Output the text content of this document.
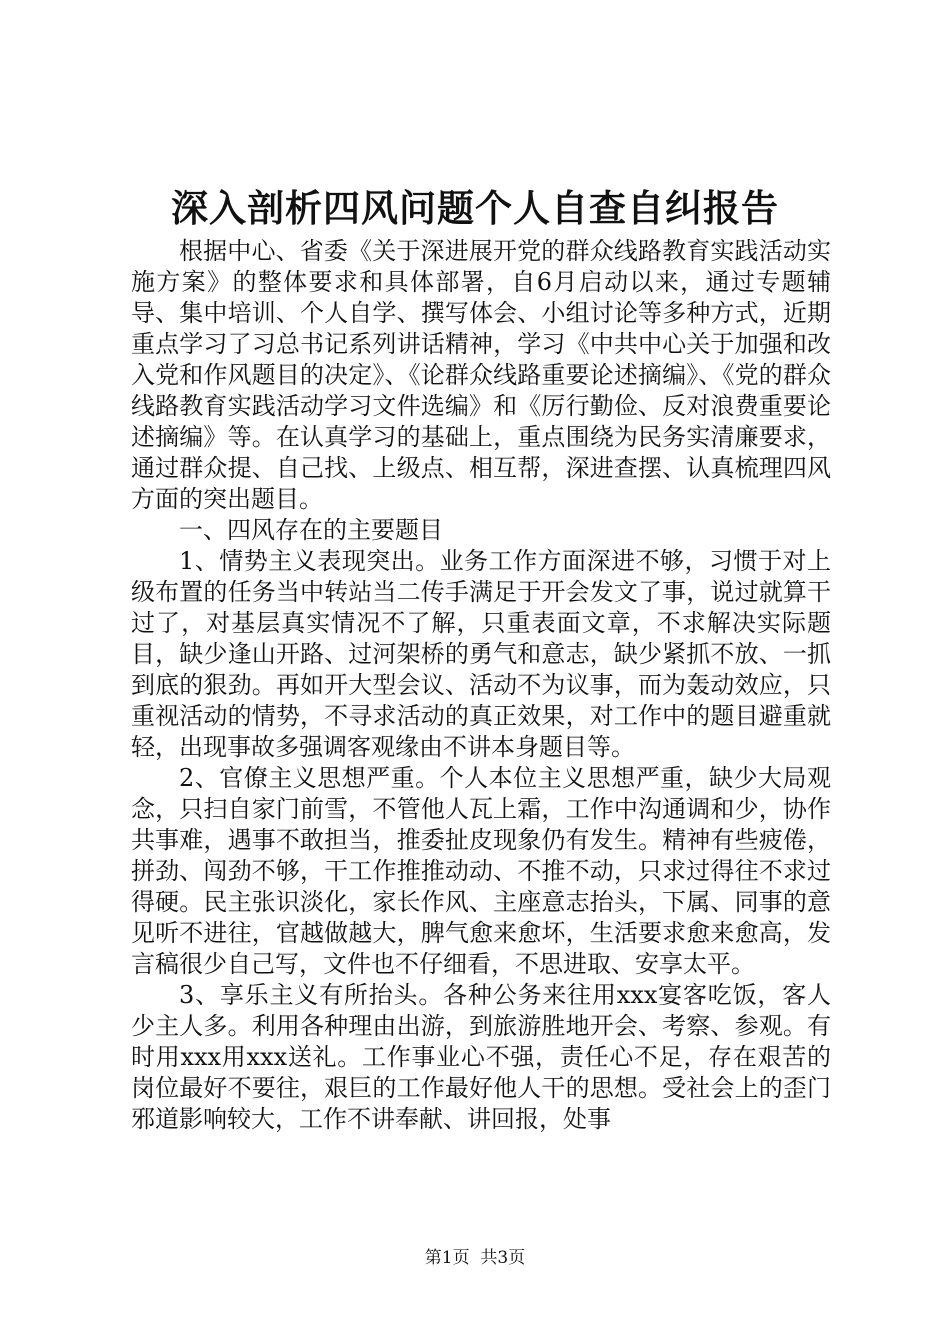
深入剖析四风问题个人自查自纠报告

根据中心、省委《关于深进展开党的群众线路教育实践活动实施方案》的整体要求和具体部署，自6月启动以来，通过专题辅导、集中培训、个人自学、撰写体会、小组讨论等多种方式，近期重点学习了习总书记系列讲话精神，学习《中共中心关于加强和改入党和作风题目的决定》、《论群众线路重要论述摘编》、《党的群众线路教育实践活动学习文件选编》和《厉行勤俭、反对浪费重要论述摘编》等。在认真学习的基础上，重点围绕为民务实清廉要求，通过群众提、自己找、上级点、相互帮，深进查摆、认真梳理四风方面的突出题目。

一、四风存在的主要题目

1、情势主义表现突出。业务工作方面深进不够，习惯于对上级布置的任务当中转站当二传手满足于开会发文了事，说过就算干过了，对基层真实情况不了解，只重表面文章，不求解决实际题目，缺少逢山开路、过河架桥的勇气和意志，缺少紧抓不放、一抓到底的狠劲。再如开大型会议、活动不为议事，而为轰动效应，只重视活动的情势，不寻求活动的真正效果，对工作中的题目避重就轻，出现事故多强调客观缘由不讲本身题目等。

2、官僚主义思想严重。个人本位主义思想严重，缺少大局观念，只扫自家门前雪，不管他人瓦上霜，工作中沟通调和少，协作共事难，遇事不敢担当，推委扯皮现象仍有发生。精神有些疲倦，拼劲、闯劲不够，干工作推推动动、不推不动，只求过得往不求过得硬。民主张识淡化，家长作风、主座意志抬头，下属、同事的意见听不进往，官越做越大，脾气愈来愈坏，生活要求愈来愈高，发言稿很少自己写，文件也不仔细看，不思进取、安享太平。

3、享乐主义有所抬头。各种公务来往用xxx宴客吃饭，客人少主人多。利用各种理由出游，到旅游胜地开会、考察、参观。有时用xxx用xxx送礼。工作事业心不强，责任心不足，存在艰苦的岗位最好不要往，艰巨的工作最好他人干的思想。受社会上的歪门邪道影响较大，工作不讲奉献、讲回报，处事

第1页 共3页
